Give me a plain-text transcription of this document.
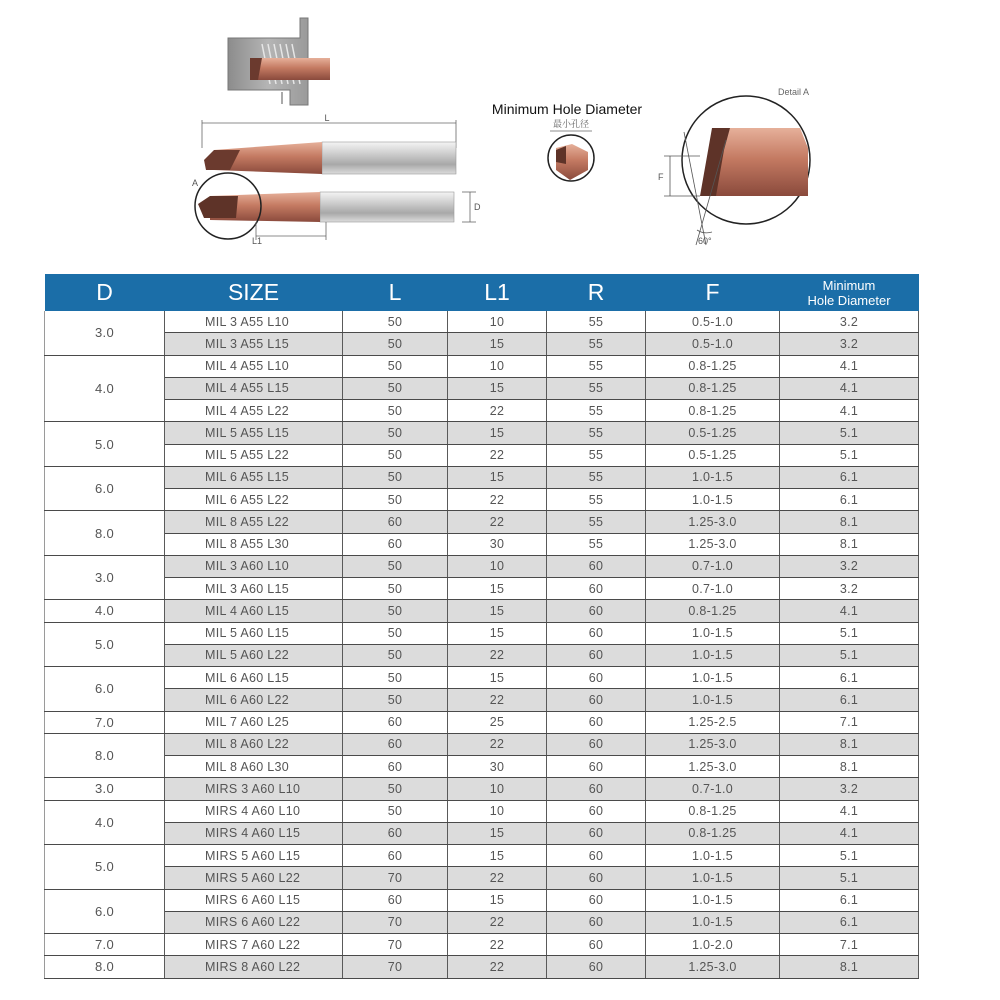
L
D
A
L1
Minimum Hole Diameter
最小孔径
Detail A
F
60°
D	SIZE	L	L1	R	F	Minimum
Hole Diameter
3.0	MIL 3 A55 L10	50	10	55	0.5-1.0	3.2
	MIL 3 A55 L15	50	15	55	0.5-1.0	3.2
4.0	MIL 4 A55 L10	50	10	55	0.8-1.25	4.1
	MIL 4 A55 L15	50	15	55	0.8-1.25	4.1
	MIL 4 A55 L22	50	22	55	0.8-1.25	4.1
5.0	MIL 5 A55 L15	50	15	55	0.5-1.25	5.1
	MIL 5 A55 L22	50	22	55	0.5-1.25	5.1
6.0	MIL 6 A55 L15	50	15	55	1.0-1.5	6.1
	MIL 6 A55 L22	50	22	55	1.0-1.5	6.1
8.0	MIL 8 A55 L22	60	22	55	1.25-3.0	8.1
	MIL 8 A55 L30	60	30	55	1.25-3.0	8.1
3.0	MIL 3 A60 L10	50	10	60	0.7-1.0	3.2
	MIL 3 A60 L15	50	15	60	0.7-1.0	3.2
4.0	MIL 4 A60 L15	50	15	60	0.8-1.25	4.1
5.0	MIL 5 A60 L15	50	15	60	1.0-1.5	5.1
	MIL 5 A60 L22	50	22	60	1.0-1.5	5.1
6.0	MIL 6 A60 L15	50	15	60	1.0-1.5	6.1
	MIL 6 A60 L22	50	22	60	1.0-1.5	6.1
7.0	MIL 7 A60 L25	60	25	60	1.25-2.5	7.1
8.0	MIL 8 A60 L22	60	22	60	1.25-3.0	8.1
	MIL 8 A60 L30	60	30	60	1.25-3.0	8.1
3.0	MIRS 3 A60 L10	50	10	60	0.7-1.0	3.2
4.0	MIRS 4 A60 L10	50	10	60	0.8-1.25	4.1
	MIRS 4 A60 L15	60	15	60	0.8-1.25	4.1
5.0	MIRS 5 A60 L15	60	15	60	1.0-1.5	5.1
	MIRS 5 A60 L22	70	22	60	1.0-1.5	5.1
6.0	MIRS 6 A60 L15	60	15	60	1.0-1.5	6.1
	MIRS 6 A60 L22	70	22	60	1.0-1.5	6.1
7.0	MIRS 7 A60 L22	70	22	60	1.0-2.0	7.1
8.0	MIRS 8 A60 L22	70	22	60	1.25-3.0	8.1
